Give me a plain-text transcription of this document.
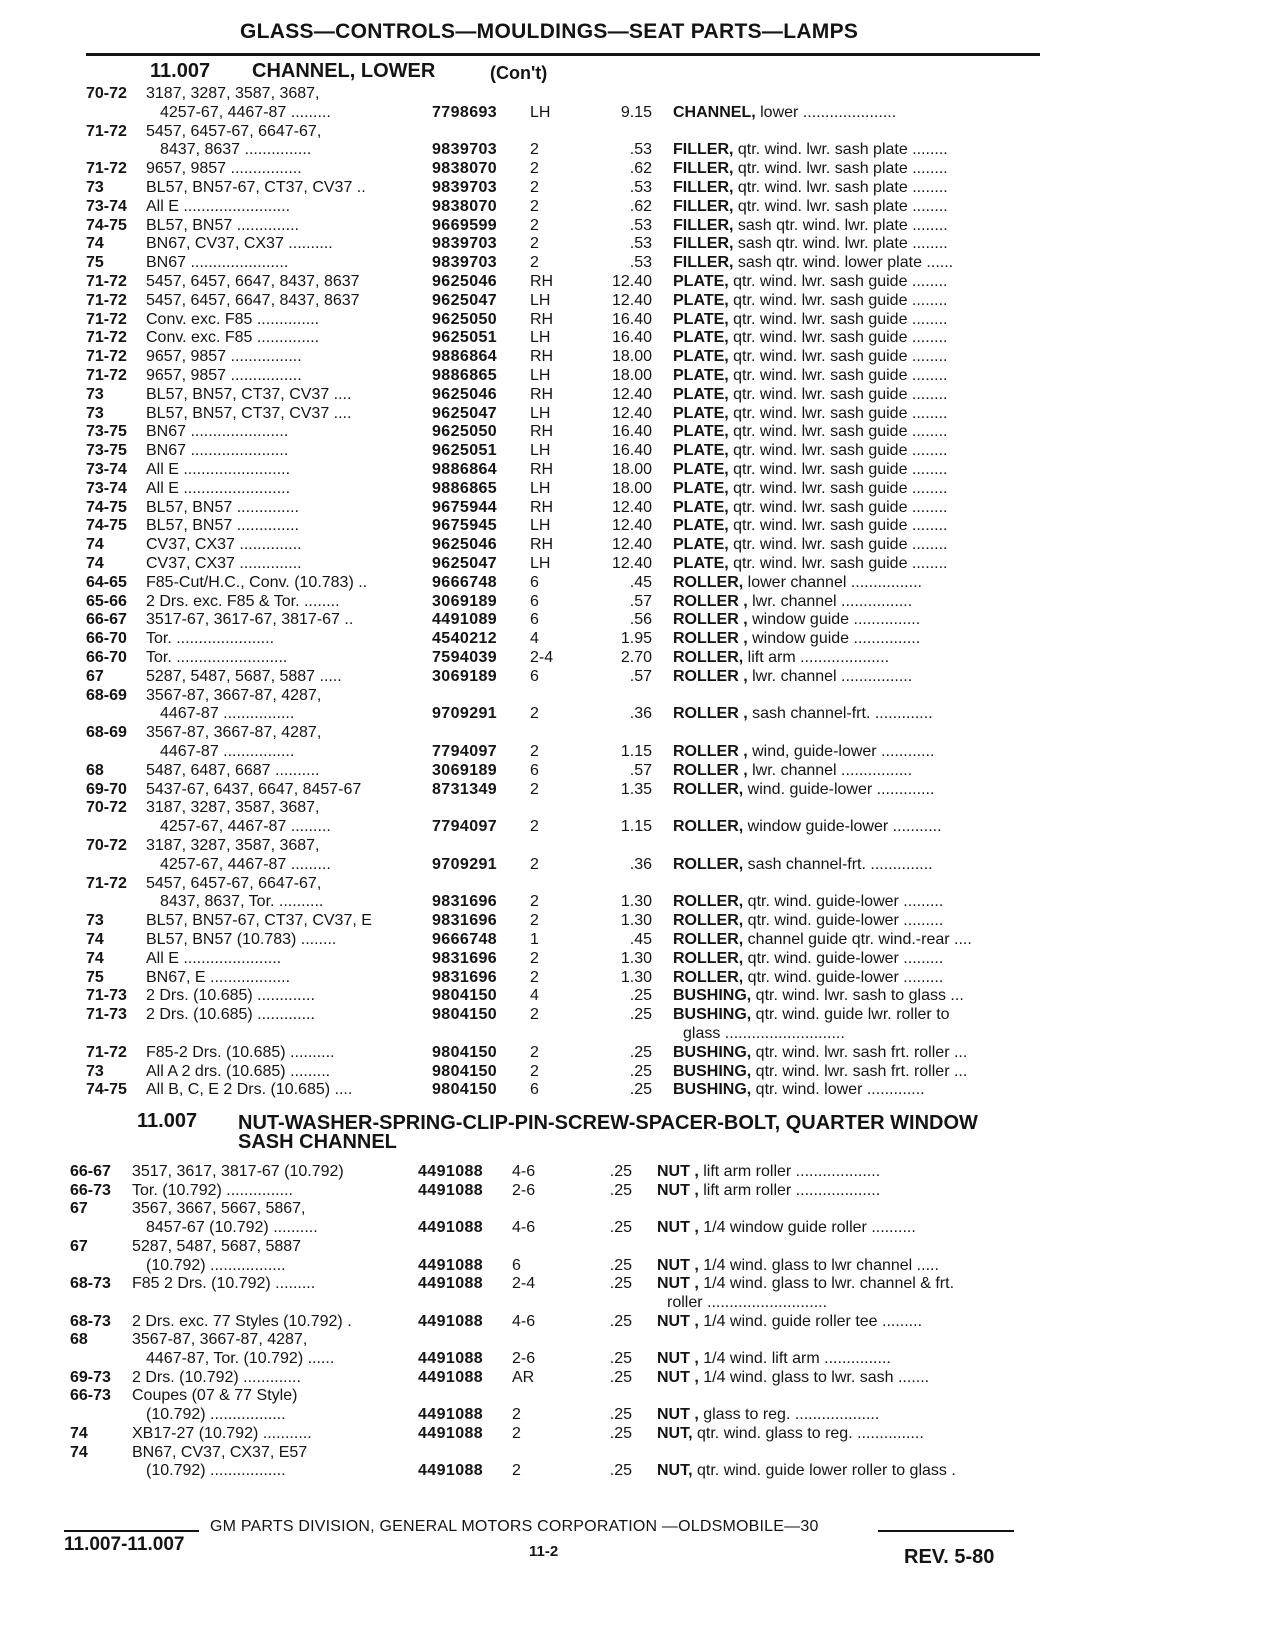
GLASS—CONTROLS—MOULDINGS—SEAT PARTS—LAMPS
11.007 CHANNEL, LOWER	(Con't)
70-72	3187, 3287, 3587, 3687,
4257-67, 4467-87 .........	7798693	LH	9.15 CHANNEL, lower .....................
71-72	5457, 6457-67, 6647-67,
8437, 8637 ...............	9839703	2	.53 FILLER, qtr. wind. lwr. sash plate ........
71-72	9657, 9857 ................	9838070	2	.62 FILLER, qtr. wind. lwr. sash plate ........
73	BL57, BN57-67, CT37, CV37 ..	9839703	2	.53 FILLER, qtr. wind. lwr. sash plate ........
73-74	All E ........................	9838070	2	.62 FILLER, qtr. wind. lwr. sash plate ........
74-75	BL57, BN57 ..............	9669599	2	.53 FILLER, sash qtr. wind. lwr. plate ........
74	BN67, CV37, CX37 ..........	9839703	2	.53 FILLER, sash qtr. wind. lwr. plate ........
75	BN67 ......................	9839703	2	.53 FILLER, sash qtr. wind. lower plate ......
71-72	5457, 6457, 6647, 8437, 8637	9625046	RH	12.40 PLATE, qtr. wind. lwr. sash guide ........
71-72	5457, 6457, 6647, 8437, 8637	9625047	LH	12.40 PLATE, qtr. wind. lwr. sash guide ........
71-72	Conv. exc. F85 ..............	9625050	RH	16.40 PLATE, qtr. wind. lwr. sash guide ........
71-72	Conv. exc. F85 ..............	9625051	LH	16.40 PLATE, qtr. wind. lwr. sash guide ........
71-72	9657, 9857 ................	9886864	RH	18.00 PLATE, qtr. wind. lwr. sash guide ........
71-72	9657, 9857 ................	9886865	LH	18.00 PLATE, qtr. wind. lwr. sash guide ........
73	BL57, BN57, CT37, CV37 ....	9625046	RH	12.40 PLATE, qtr. wind. lwr. sash guide ........
73	BL57, BN57, CT37, CV37 ....	9625047	LH	12.40 PLATE, qtr. wind. lwr. sash guide ........
73-75	BN67 ......................	9625050	RH	16.40 PLATE, qtr. wind. lwr. sash guide ........
73-75	BN67 ......................	9625051	LH	16.40 PLATE, qtr. wind. lwr. sash guide ........
73-74	All E ........................	9886864	RH	18.00 PLATE, qtr. wind. lwr. sash guide ........
73-74	All E ........................	9886865	LH	18.00 PLATE, qtr. wind. lwr. sash guide ........
74-75	BL57, BN57 ..............	9675944	RH	12.40 PLATE, qtr. wind. lwr. sash guide ........
74-75	BL57, BN57 ..............	9675945	LH	12.40 PLATE, qtr. wind. lwr. sash guide ........
74	CV37, CX37 ..............	9625046	RH	12.40 PLATE, qtr. wind. lwr. sash guide ........
74	CV37, CX37 ..............	9625047	LH	12.40 PLATE, qtr. wind. lwr. sash guide ........
64-65	F85-Cut/H.C., Conv. (10.783) ..	9666748	6	.45 ROLLER, lower channel ................
65-66	2 Drs. exc. F85 & Tor. ........	3069189	6	.57 ROLLER , lwr. channel ................
66-67	3517-67, 3617-67, 3817-67 ..	4491089	6	.56 ROLLER , window guide ...............
66-70	Tor. ......................	4540212	4	1.95 ROLLER , window guide ...............
66-70	Tor. .........................	7594039	2-4	2.70 ROLLER, lift arm ....................
67	5287, 5487, 5687, 5887 .....	3069189	6	.57 ROLLER , lwr. channel ................
68-69	3567-87, 3667-87, 4287,
4467-87 ................	9709291	2	.36 ROLLER , sash channel-frt. .............
68-69	3567-87, 3667-87, 4287,
4467-87 ................	7794097	2	1.15 ROLLER , wind, guide-lower ............
68	5487, 6487, 6687 ..........	3069189	6	.57 ROLLER , lwr. channel ................
69-70	5437-67, 6437, 6647, 8457-67	8731349	2	1.35 ROLLER, wind. guide-lower .............
70-72	3187, 3287, 3587, 3687,
4257-67, 4467-87 .........	7794097	2	1.15 ROLLER, window guide-lower ...........
70-72	3187, 3287, 3587, 3687,
4257-67, 4467-87 .........	9709291	2	.36 ROLLER, sash channel-frt. ..............
71-72	5457, 6457-67, 6647-67,
8437, 8637, Tor. ..........	9831696	2	1.30 ROLLER, qtr. wind. guide-lower .........
73	BL57, BN57-67, CT37, CV37, E	9831696	2	1.30 ROLLER, qtr. wind. guide-lower .........
74	BL57, BN57 (10.783) ........	9666748	1	.45 ROLLER, channel guide qtr. wind.-rear ....
74	All E ......................	9831696	2	1.30 ROLLER, qtr. wind. guide-lower .........
75	BN67, E ..................	9831696	2	1.30 ROLLER, qtr. wind. guide-lower .........
71-73	2 Drs. (10.685) .............	9804150	4	.25 BUSHING, qtr. wind. lwr. sash to glass ...
71-73	2 Drs. (10.685) .............	9804150	2	.25 BUSHING, qtr. wind. guide lwr. roller to
glass ...........................
71-72	F85-2 Drs. (10.685) ..........	9804150	2	.25 BUSHING, qtr. wind. lwr. sash frt. roller ...
73	All A 2 drs. (10.685) .........	9804150	2	.25 BUSHING, qtr. wind. lwr. sash frt. roller ...
74-75	All B, C, E 2 Drs. (10.685) ....	9804150	6	.25 BUSHING, qtr. wind. lower .............
11.007 NUT-WASHER-SPRING-CLIP-PIN-SCREW-SPACER-BOLT, QUARTER WINDOW SASH CHANNEL
66-67	3517, 3617, 3817-67 (10.792)	4491088	4-6	.25 NUT , lift arm roller ...................
66-73	Tor. (10.792) ...............	4491088	2-6	.25 NUT , lift arm roller ...................
67	3567, 3667, 5667, 5867,
8457-67 (10.792) ..........	4491088	4-6	.25 NUT , 1/4 window guide roller ..........
67	5287, 5487, 5687, 5887
(10.792) .................	4491088	6	.25 NUT , 1/4 wind. glass to lwr channel .....
68-73	F85 2 Drs. (10.792) .........	4491088	2-4	.25 NUT , 1/4 wind. glass to lwr. channel & frt.
roller ...........................
68-73	2 Drs. exc. 77 Styles (10.792) .	4491088	4-6	.25 NUT , 1/4 wind. guide roller tee .........
68	3567-87, 3667-87, 4287,
4467-87, Tor. (10.792) ......	4491088	2-6	.25 NUT , 1/4 wind. lift arm ...............
69-73	2 Drs. (10.792) .............	4491088	AR	.25 NUT , 1/4 wind. glass to lwr. sash .......
66-73	Coupes (07 & 77 Style)
(10.792) .................	4491088	2	.25 NUT , glass to reg. ...................
74	XB17-27 (10.792) ...........	4491088	2	.25 NUT, qtr. wind. glass to reg. ...............
74	BN67, CV37, CX37, E57
(10.792) .................	4491088	2	.25 NUT, qtr. wind. guide lower roller to glass .
GM PARTS DIVISION, GENERAL MOTORS CORPORATION —OLDSMOBILE—30
11.007-11.007	11-2	REV. 5-80
